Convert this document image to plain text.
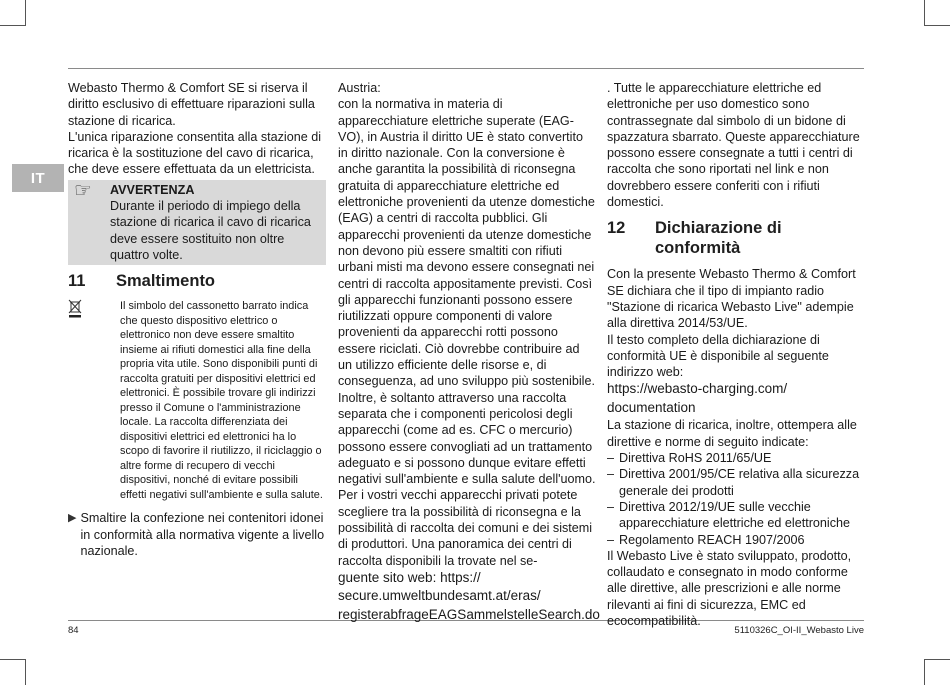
IT

Webasto Thermo & Comfort SE si riserva il diritto esclusivo di effettuare riparazioni sulla stazione di ricarica.

L'unica riparazione consentita alla stazione di ricarica è la sostituzione del cavo di ricarica, che deve essere effettuata da un elettricista.

☞	AVVERTENZA
Durante il periodo di impiego della stazione di ricarica il cavo di ricarica deve essere sostituito non oltre quattro volte.
11	Smaltimento
Il simbolo del cassonetto barrato indica che questo dispositivo elettrico o elettronico non deve essere smaltito insieme ai rifiuti domestici alla fine della propria vita utile. Sono disponibili punti di raccolta gratuiti per dispositivi elettrici ed elettronici. È possibile trovare gli indirizzi presso il Comune o l'amministrazione locale. La raccolta differenziata dei dispositivi elettrici ed elettronici ha lo scopo di favorire il riutilizzo, il riciclaggio o altre forme di recupero di vecchi dispositivi, nonché di evitare possibili effetti negativi sull'ambiente e sulla salute.
▶ Smaltire la confezione nei contenitori idonei in conformità alla normativa vigente a livello nazionale.

Austria:

con la normativa in materia di apparecchiature elettriche superate (EAG-VO), in Austria il diritto UE è stato convertito in diritto nazionale. Con la conversione è anche garantita la possibilità di riconsegna gratuita di apparecchiature elettriche ed elettroniche provenienti da utenze domestiche (EAG) a centri di raccolta pubblici. Gli apparecchi provenienti da utenze domestiche non devono più essere smaltiti con rifiuti urbani misti ma devono essere consegnati nei centri di raccolta appositamente previsti. Così gli apparecchi funzionanti possono essere riutilizzati oppure componenti di valore provenienti da apparecchi rotti possono essere riciclati. Ciò dovrebbe contribuire ad un utilizzo efficiente delle risorse e, di conseguenza, ad uno sviluppo più sostenibile. Inoltre, è soltanto attraverso una raccolta separata che i componenti pericolosi degli apparecchi (come ad es. CFC o mercurio) possono essere convogliati ad un trattamento adeguato e si possono dunque evitare effetti negativi sull'ambiente e sulla salute dell'uomo. Per i vostri vecchi apparecchi privati potete scegliere tra la possibilità di riconsegna e la possibilità di raccolta dei comuni e dei sistemi di produttori. Una panoramica dei centri di raccolta disponibili la trovate nel se-

guente sito web: https://
secure.umweltbundesamt.at/eras/
registerabfrageEAGSammelstelleSearch.do

. Tutte le apparecchiature elettriche ed elettroniche per uso domestico sono contrassegnate dal simbolo di un bidone di spazzatura sbarrato. Queste apparecchiature possono essere consegnate a tutti i centri di raccolta che sono riportati nel link e non dovrebbero essere conferiti con i rifiuti domestici.

12	Dichiarazione di conformità

Con la presente Webasto Thermo & Comfort SE dichiara che il tipo di impianto radio "Stazione di ricarica Webasto Live" adempie alla direttiva 2014/53/UE.

Il testo completo della dichiarazione di conformità UE è disponibile al seguente indirizzo web:

https://webasto-charging.com/
documentation

La stazione di ricarica, inoltre, ottempera alle direttive e norme di seguito indicate:

– Direttiva RoHS 2011/65/UE
– Direttiva 2001/95/CE relativa alla sicurezza generale dei prodotti
– Direttiva 2012/19/UE sulle vecchie apparecchiature elettriche ed elettroniche
– Regolamento REACH 1907/2006

Il Webasto Live è stato sviluppato, prodotto, collaudato e consegnato in modo conforme alle direttive, alle prescrizioni e alle norme rilevanti ai fini di sicurezza, EMC ed ecocompatibilità.

84	5110326C_OI-II_Webasto Live
